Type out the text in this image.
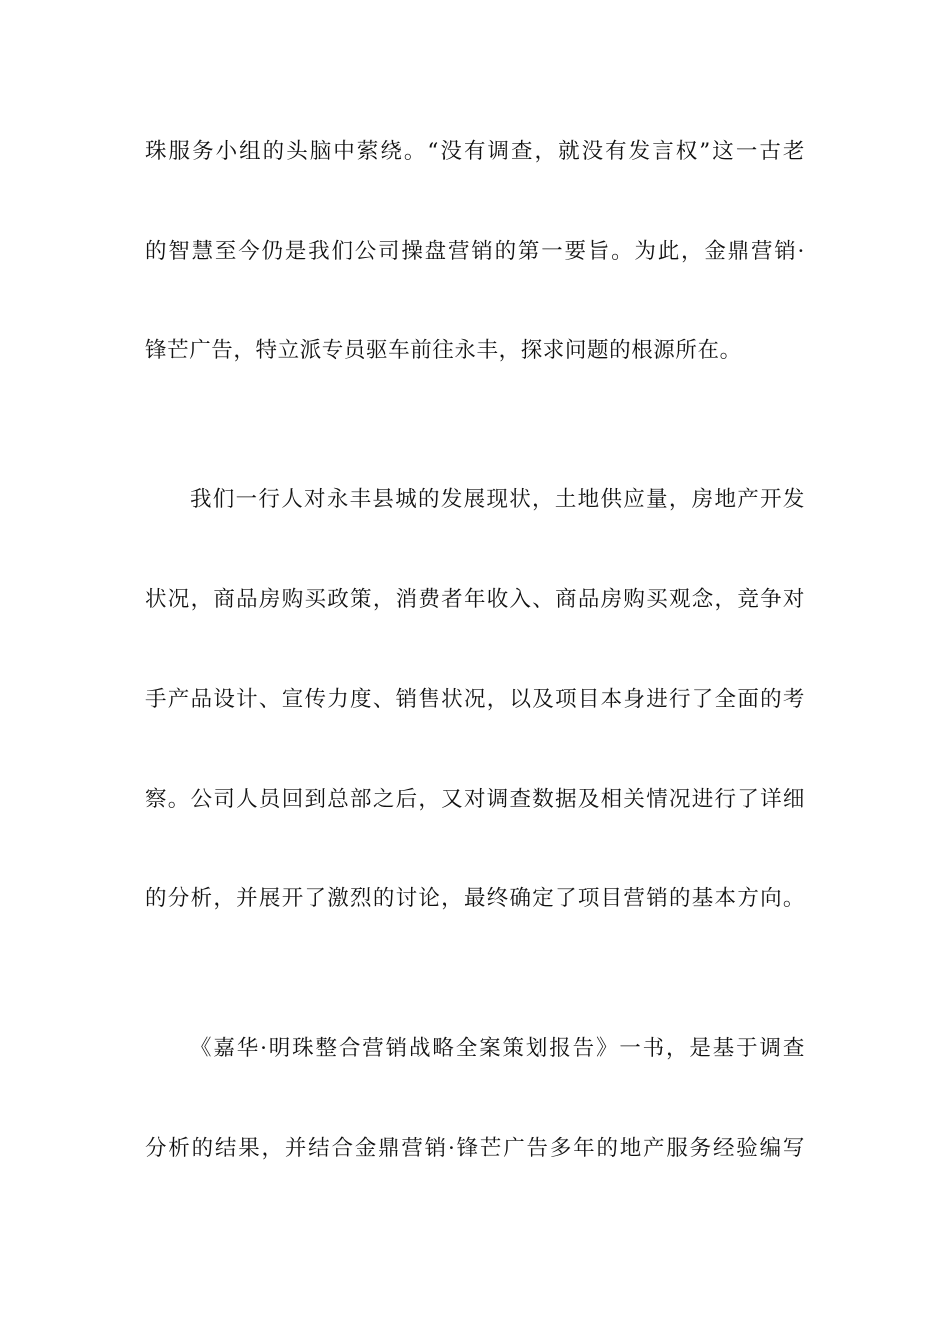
珠服务小组的头脑中萦绕。“没有调查，就没有发言权”这一古老
的智慧至今仍是我们公司操盘营销的第一要旨。为此，金鼎营销·
锋芒广告，特立派专员驱车前往永丰，探求问题的根源所在。
我们一行人对永丰县城的发展现状，土地供应量，房地产开发
状况，商品房购买政策，消费者年收入、商品房购买观念，竞争对
手产品设计、宣传力度、销售状况，以及项目本身进行了全面的考
察。公司人员回到总部之后，又对调查数据及相关情况进行了详细
的分析，并展开了激烈的讨论，最终确定了项目营销的基本方向。
《嘉华·明珠整合营销战略全案策划报告》一书，是基于调查
分析的结果，并结合金鼎营销·锋芒广告多年的地产服务经验编写
